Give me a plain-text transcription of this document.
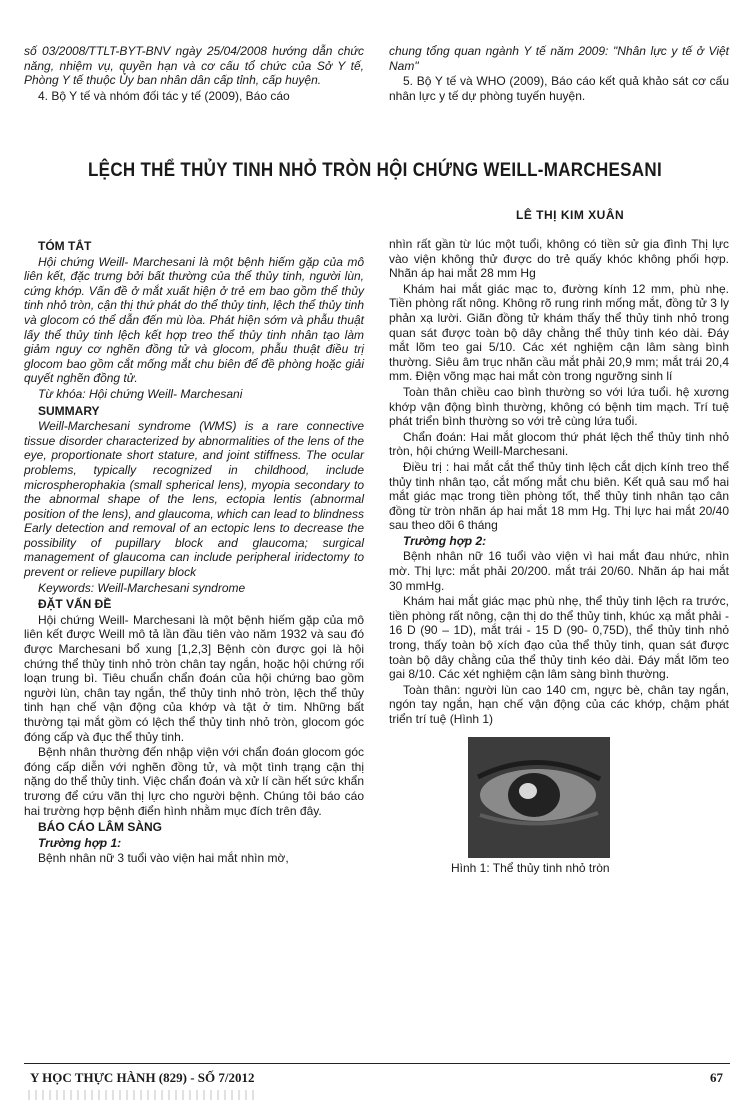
số 03/2008/TTLT-BYT-BNV ngày 25/04/2008 hướng dẫn chức năng, nhiệm vụ, quyền hạn và cơ cấu tổ chức của Sở Y tế, Phòng Y tế thuộc Ủy ban nhân dân cấp tỉnh, cấp huyện.

4. Bộ Y tế và nhóm đối tác y tế (2009), Báo cáo

chung tổng quan ngành Y tế năm 2009: "Nhân lực y tế ở Việt Nam"

5. Bộ Y tế và WHO (2009), Báo cáo kết quả khảo sát cơ cấu nhân lực y tế dự phòng tuyến huyện.

LỆCH THỂ THỦY TINH NHỎ TRÒN HỘI CHỨNG WEILL-MARCHESANI
LÊ THỊ KIM XUÂN
TÓM TẮT

Hội chứng Weill- Marchesani là một bệnh hiếm gặp của mô liên kết, đặc trưng bởi bất thường của thể thủy tinh, người lùn, cứng khớp. Vấn đề ở mắt xuất hiện ở trẻ em bao gồm thể thủy tinh nhỏ tròn, cận thị thứ phát do thể thủy tinh, lệch thể thủy tinh và glocom có thể dẫn đến mù lòa. Phát hiện sớm và phẫu thuật lấy thể thủy tinh lệch kết hợp treo thể thủy tinh nhân tạo làm giảm nguy cơ nghẽn đồng tử và glocom, phẫu thuật điều trị glocom bao gồm cắt mống mắt chu biên để đề phòng hoặc giải quyết nghẽn đồng tử.

Từ khóa: Hội chứng Weill- Marchesani

SUMMARY

Weill-Marchesani syndrome (WMS) is a rare connective tissue disorder characterized by abnormalities of the lens of the eye, proportionate short stature, and joint stiffness. The ocular problems, typically recognized in childhood, include microspherophakia (small spherical lens), myopia secondary to the abnormal shape of the lens, ectopia lentis (abnormal position of the lens), and glaucoma, which can lead to blindness Early detection and removal of an ectopic lens to decrease the possibility of pupillary block and glaucoma; surgical management of glaucoma can include peripheral iridectomy to prevent or relieve pupillary block

Keywords: Weill-Marchesani syndrome

ĐẶT VẤN ĐỀ

Hội chứng Weill- Marchesani là một bệnh hiếm gặp của mô liên kết được Weill mô tả lần đầu tiên vào năm 1932 và sau đó được Marchesani bổ xung [1,2,3] Bệnh còn được gọi là hội chứng thể thủy tinh nhỏ tròn chân tay ngắn, hoặc hội chứng rối loạn trung bì. Tiêu chuẩn chẩn đoán của hội chứng bao gồm người lùn, chân tay ngắn, thể thủy tinh nhỏ tròn, lệch thể thủy tinh hạn chế vận động của khớp và tật ở tim. Những bất thường tại mắt gồm có lệch thể thủy tinh nhỏ tròn, glocom góc đóng cấp và đục thể thủy tinh.

Bệnh nhân thường đến nhập viện với chẩn đoán glocom góc đóng cấp diễn với nghẽn đồng tử, và một tình trạng cận thị nặng do thể thủy tinh. Việc chẩn đoán và xử lí cần hết sức khẩn trương để cứu vãn thị lực cho người bệnh. Chúng tôi báo cáo hai trường hợp bệnh điển hình nhằm mục đích trên đây.

BÁO CÁO LÂM SÀNG
Trường hợp 1:

Bệnh nhân nữ 3 tuổi vào viện hai mắt nhìn mờ,

nhìn rất gần từ lúc một tuổi, không có tiền sử gia đình Thị lực vào viện không thử được do trẻ quấy khóc không phối hợp. Nhãn áp hai mắt 28 mm Hg

Khám hai mắt giác mạc to, đường kính 12 mm, phù nhẹ. Tiền phòng rất nông. Không rõ rung rinh mống mắt, đồng tử 3 ly phản xạ lười. Giãn đồng tử khám thấy thể thủy tinh nhỏ trong quan sát được toàn bộ dây chằng thể thủy tinh kéo dài. Đáy mắt lõm teo gai 5/10. Các xét nghiệm cận lâm sàng bình thường. Siêu âm trục nhãn cầu mắt phải 20,9 mm; mắt trái 20,4 mm. Điện võng mạc hai mắt còn trong ngưỡng sinh lí

Toàn thân chiều cao bình thường so với lứa tuổi. hệ xương khớp vận động bình thường, không có bệnh tim mạch. Trí tuệ phát triển bình thường so với trẻ cùng lứa tuổi.

Chẩn đoán: Hai mắt glocom thứ phát lệch thể thủy tinh nhỏ tròn, hội chứng Weill-Marchesani.

Điều trị : hai mắt cắt thể thủy tinh lệch cắt dịch kính treo thể thủy tinh nhân tạo, cắt mống mắt chu biên. Kết quả sau mổ hai mắt giác mạc trong tiền phòng tốt, thể thủy tinh nhân tạo cân đồng từ tròn nhãn áp hai mắt 18 mm Hg. Thị lực hai mắt 20/40 sau theo dõi 6 tháng

Trường hợp 2:

Bệnh nhân nữ 16 tuổi vào viện vì hai mắt đau nhức, nhìn mờ. Thị lực: mắt phải 20/200. mắt trái 20/60. Nhãn áp hai mắt 30 mmHg.

Khám hai mắt giác mạc phù nhẹ, thể thủy tinh lệch ra trước, tiền phòng rất nông, cận thị do thể thủy tinh, khúc xạ mắt phải - 16 D (90 – 1D), mắt trái - 15 D (90- 0,75D), thể thủy tinh nhỏ trong, thấy toàn bộ xích đạo của thể thủy tinh, quan sát được toàn bộ dây chằng của thể thủy tinh kéo dài. Đáy mắt lõm teo gai 8/10. Các xét nghiệm cận lâm sàng bình thường.

Toàn thân: người lùn cao 140 cm, ngực bè, chân tay ngắn, ngón tay ngắn, hạn chế vận động của các khớp, chậm phát triển trí tuệ (Hình 1)

Hình 1: Thể thủy tinh nhỏ tròn
Y HỌC THỰC HÀNH (829) - SỐ 7/2012	67
